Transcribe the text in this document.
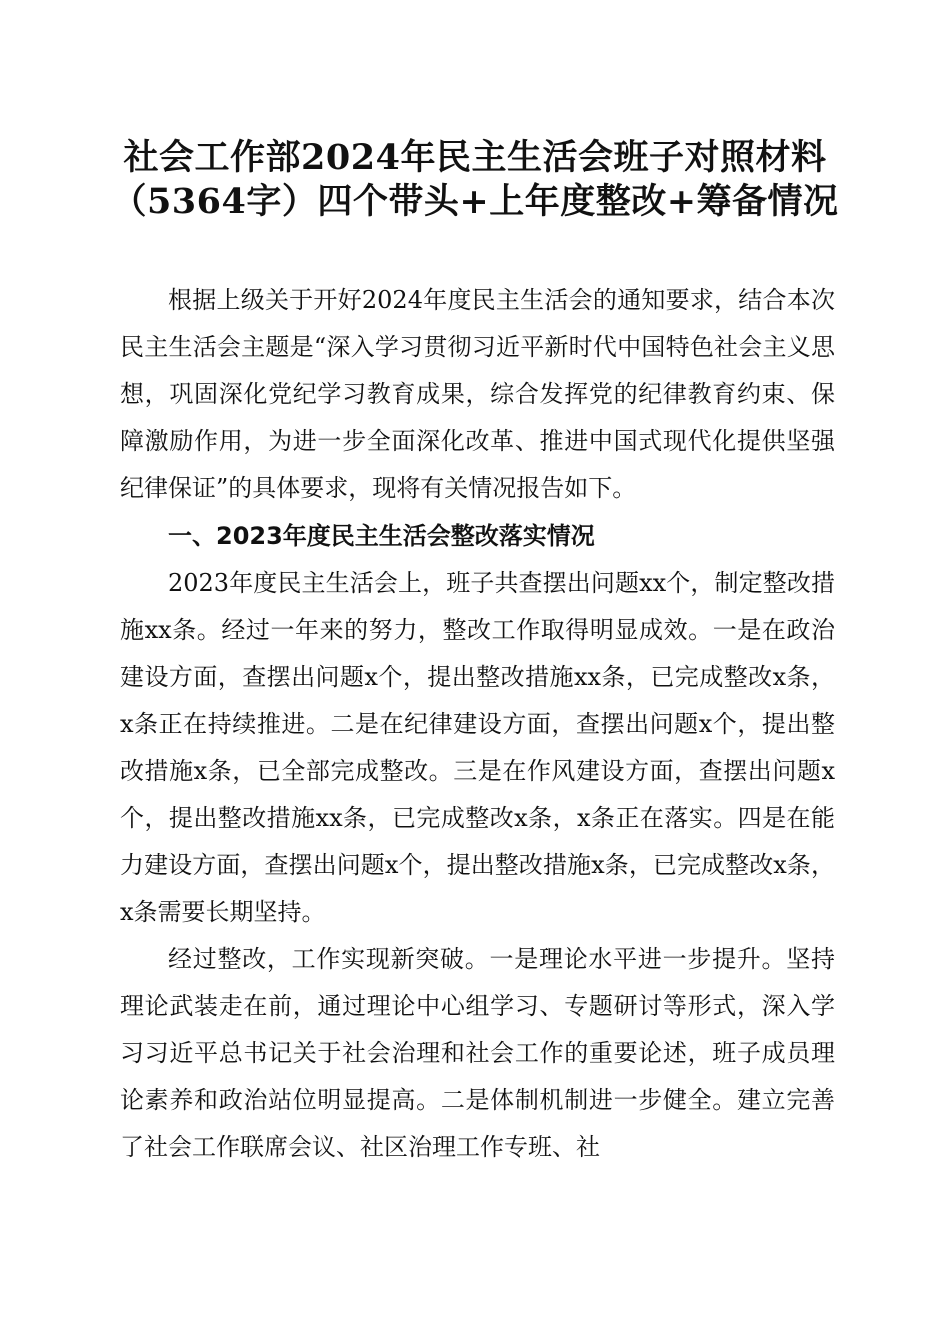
社会工作部2024年民主生活会班子对照材料
（5364字）四个带头+上年度整改+筹备情况

根据上级关于开好2024年度民主生活会的通知要求，结合本次民主生活会主题是“深入学习贯彻习近平新时代中国特色社会主义思想，巩固深化党纪学习教育成果，综合发挥党的纪律教育约束、保障激励作用，为进一步全面深化改革、推进中国式现代化提供坚强纪律保证”的具体要求，现将有关情况报告如下。

一、2023年度民主生活会整改落实情况

2023年度民主生活会上，班子共查摆出问题xx个，制定整改措施xx条。经过一年来的努力，整改工作取得明显成效。一是在政治建设方面，查摆出问题x个，提出整改措施xx条，已完成整改x条，x条正在持续推进。二是在纪律建设方面，查摆出问题x个，提出整改措施x条，已全部完成整改。三是在作风建设方面，查摆出问题x个，提出整改措施xx条，已完成整改x条，x条正在落实。四是在能力建设方面，查摆出问题x个，提出整改措施x条，已完成整改x条，x条需要长期坚持。

经过整改，工作实现新突破。一是理论水平进一步提升。坚持理论武装走在前，通过理论中心组学习、专题研讨等形式，深入学习习近平总书记关于社会治理和社会工作的重要论述，班子成员理论素养和政治站位明显提高。二是体制机制进一步健全。建立完善了社会工作联席会议、社区治理工作专班、社
